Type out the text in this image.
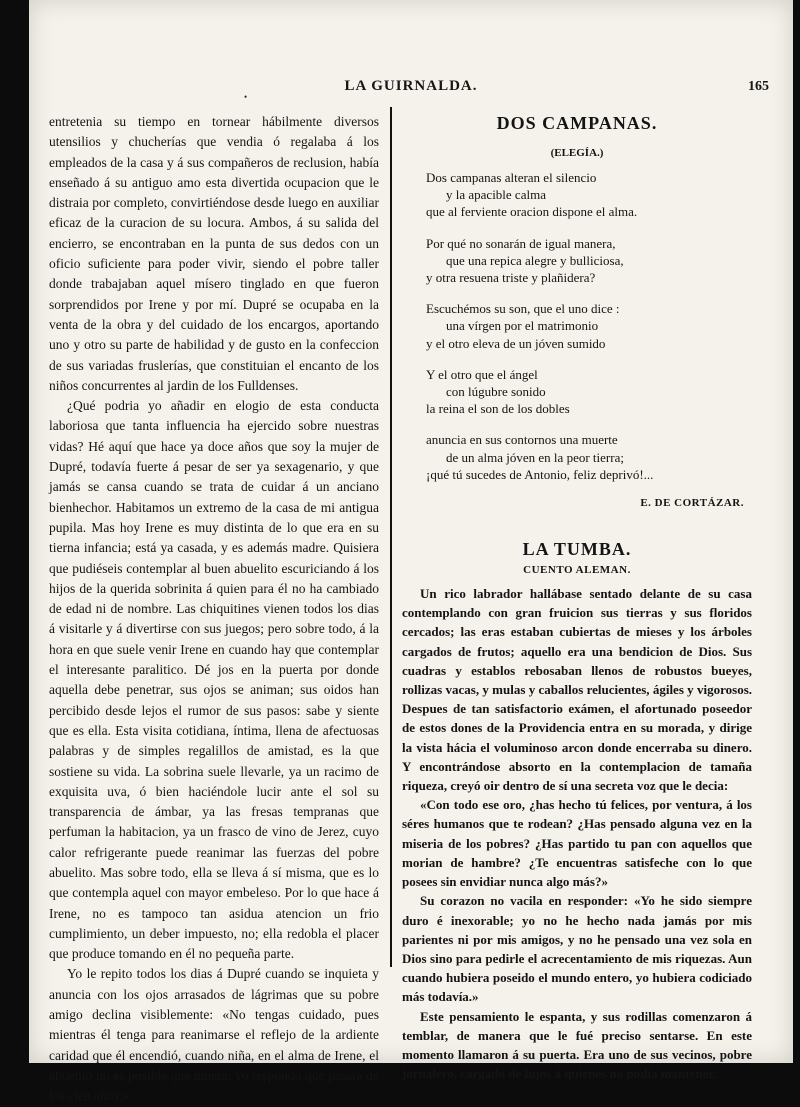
LA GUIRNALDA.
•
165

entretenia su tiempo en tornear hábilmente diversos utensilios y chucherías que vendia ó regalaba á los empleados de la casa y á sus compañeros de reclusion, había enseñado á su antiguo amo esta divertida ocupacion que le distraia por completo, convirtiéndose desde luego en auxiliar eficaz de la curacion de su locura. Ambos, á su salida del encierro, se encontraban en la punta de sus dedos con un oficio suficiente para poder vivir, siendo el pobre taller donde trabajaban aquel mísero tinglado en que fueron sorprendidos por Irene y por mí. Dupré se ocupaba en la venta de la obra y del cuidado de los encargos, aportando uno y otro su parte de habilidad y de gusto en la confeccion de sus variadas fruslerías, que constituian el encanto de los niños concurrentes al jardin de los Fulldenses.

¿Qué podria yo añadir en elogio de esta conducta laboriosa que tanta influencia ha ejercido sobre nuestras vidas? Hé aquí que hace ya doce años que soy la mujer de Dupré, todavía fuerte á pesar de ser ya sexagenario, y que jamás se cansa cuando se trata de cuidar á un anciano bienhechor. Habitamos un extremo de la casa de mi antigua pupila. Mas hoy Irene es muy distinta de lo que era en su tierna infancia; está ya casada, y es además madre. Quisiera que pudiéseis contemplar al buen abuelito escuriciando á los hijos de la querida sobrinita á quien para él no ha cambiado de edad ni de nombre. Las chiquitines vienen todos los dias á visitarle y á divertirse con sus juegos; pero sobre todo, á la hora en que suele venir Irene en cuando hay que contemplar el interesante paralitico. Dé jos en la puerta por donde aquella debe penetrar, sus ojos se animan; sus oidos han percibido desde lejos el rumor de sus pasos: sabe y siente que es ella. Esta visita cotidiana, íntima, llena de afectuosas palabras y de simples regalillos de amistad, es la que sostiene su vida. La sobrina suele llevarle, ya un racimo de exquisita uva, ó bien haciéndole lucir ante el sol su transparencia de ámbar, ya las fresas tempranas que perfuman la habitacion, ya un frasco de vino de Jerez, cuyo calor refrigerante puede reanimar las fuerzas del pobre abuelito. Mas sobre todo, ella se lleva á sí misma, que es lo que contempla aquel con mayor embeleso. Por lo que hace á Irene, no es tampoco tan asidua atencion un frio cumplimiento, un deber impuesto, no; ella redobla el placer que produce tomando en él no pequeña parte.

Yo le repito todos los dias á Dupré cuando se inquieta y anuncia con los ojos arrasados de lágrimas que su pobre amigo declina visiblemente: «No tengas cuidado, pues mientras él tenga para reanimarse el reflejo de la ardiente caridad que él encendió, cuando niña, en el alma de Irene, el abuelito no es posible que muera; yo respondo que pasará de los cien años.»

DOS CAMPANAS.
(ELEGÍA.)
Dos campanas alteran el silencio
y la apacible calma
que al ferviente oracion dispone el alma.
Por qué no sonarán de igual manera,
que una repica alegre y bulliciosa,
y otra resuena triste y plañidera?
Escuchémos su son, que el uno dice :
una vírgen por el matrimonio
y el otro eleva de un jóven sumido
Y el otro que el ángel
con lúgubre sonido
la reina el son de los dobles
anuncia en sus contornos una muerte
de un alma jóven en la peor tierra;
¡qué tú sucedes de Antonio, feliz deprivó!...
E. DE CORTÁZAR.
LA TUMBA.
CUENTO ALEMAN.

Un rico labrador hallábase sentado delante de su casa contemplando con gran fruicion sus tierras y sus floridos cercados; las eras estaban cubiertas de mieses y los árboles cargados de frutos; aquello era una bendicion de Dios. Sus cuadras y establos rebosaban llenos de robustos bueyes, rollizas vacas, y mulas y caballos relucientes, ágiles y vigorosos. Despues de tan satisfactorio exámen, el afortunado poseedor de estos dones de la Providencia entra en su morada, y dirige la vista hácia el voluminoso arcon donde encerraba su dinero. Y encontrándose absorto en la contemplacion de tamaña riqueza, creyó oir dentro de sí una secreta voz que le decia:

«Con todo ese oro, ¿has hecho tú felices, por ventura, á los séres humanos que te rodean? ¿Has pensado alguna vez en la miseria de los pobres? ¿Has partido tu pan con aquellos que morian de hambre? ¿Te encuentras satisfeche con lo que posees sin envidiar nunca algo más?»

Su corazon no vacila en responder: «Yo he sido siempre duro é inexorable; yo no he hecho nada jamás por mis parientes ni por mis amigos, y no he pensado una vez sola en Dios sino para pedirle el acrecentamiento de mis riquezas. Aun cuando hubiera poseido el mundo entero, yo hubiera codiciado más todavía.»

Este pensamiento le espanta, y sus rodillas comenzaron á temblar, de manera que le fué preciso sentarse. En este momento llamaron á su puerta. Era uno de sus vecinos, pobre jornalero, cargado de hijos á quienes no podia mantener.
